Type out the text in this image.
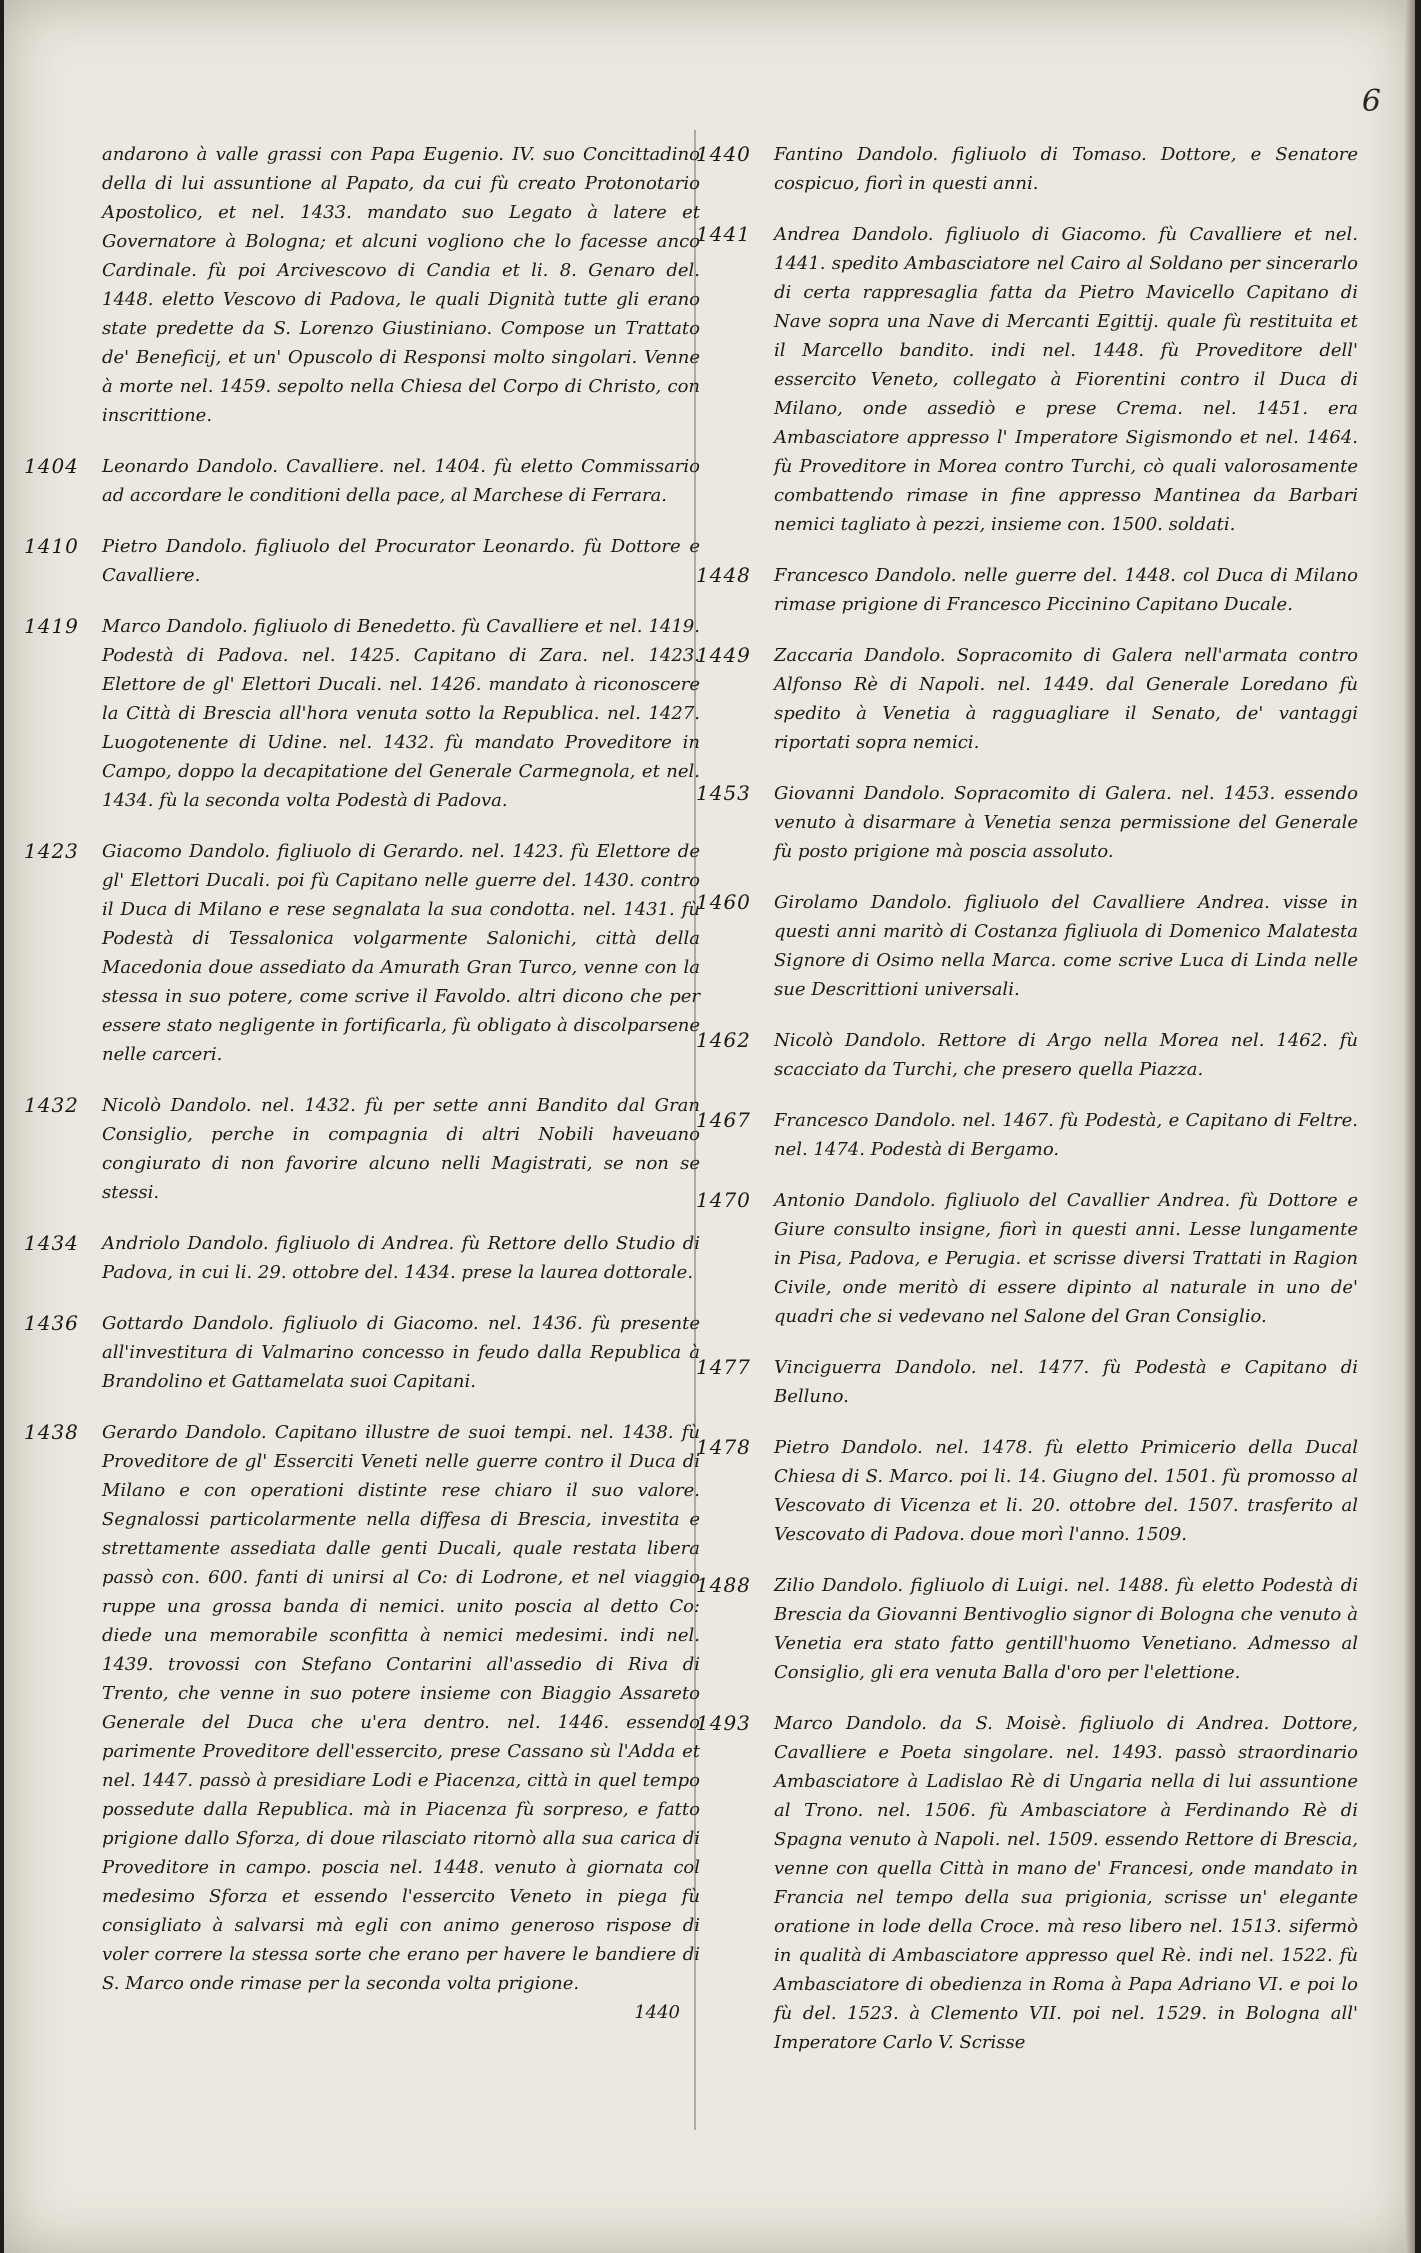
6
andarono à valle grassi con Papa Eugenio. IV. suo Concittadino della di lui assuntione al Papato, da cui fù creato Protonotario Apostolico, et nel. 1433. mandato suo Legato à latere et Governatore à Bologna; et alcuni vogliono che lo facesse anco Cardinale. fù poi Arcivescovo di Candia et li. 8. Genaro del. 1448. eletto Vescovo di Padova, le quali Dignità tutte gli erano state predette da S. Lorenzo Giustiniano. Compose un Trattato de' Beneficij, et un' Opuscolo di Responsi molto singolari. Venne à morte nel. 1459. sepolto nella Chiesa del Corpo di Christo, con inscrittione.
1404	Leonardo Dandolo. Cavalliere. nel. 1404. fù eletto Commissario ad accordare le conditioni della pace, al Marchese di Ferrara.
1410	Pietro Dandolo. figliuolo del Procurator Leonardo. fù Dottore e Cavalliere.
1419	Marco Dandolo. figliuolo di Benedetto. fù Cavalliere et nel. 1419. Podestà di Padova. nel. 1425. Capitano di Zara. nel. 1423. Elettore de gl' Elettori Ducali. nel. 1426. mandato à riconoscere la Città di Brescia all'hora venuta sotto la Republica. nel. 1427. Luogotenente di Udine. nel. 1432. fù mandato Proveditore in Campo, doppo la decapitatione del Generale Carmegnola, et nel. 1434. fù la seconda volta Podestà di Padova.
1423	Giacomo Dandolo. figliuolo di Gerardo. nel. 1423. fù Elettore de gl' Elettori Ducali. poi fù Capitano nelle guerre del. 1430. contro il Duca di Milano e rese segnalata la sua condotta. nel. 1431. fù Podestà di Tessalonica volgarmente Salonichi, città della Macedonia doue assediato da Amurath Gran Turco, venne con la stessa in suo potere, come scrive il Favoldo. altri dicono che per essere stato negligente in fortificarla, fù obligato à discolparsene nelle carceri.
1432	Nicolò Dandolo. nel. 1432. fù per sette anni Bandito dal Gran Consiglio, perche in compagnia di altri Nobili haveuano congiurato di non favorire alcuno nelli Magistrati, se non se stessi.
1434	Andriolo Dandolo. figliuolo di Andrea. fù Rettore dello Studio di Padova, in cui li. 29. ottobre del. 1434. prese la laurea dottorale.
1436	Gottardo Dandolo. figliuolo di Giacomo. nel. 1436. fù presente all'investitura di Valmarino concesso in feudo dalla Republica à Brandolino et Gattamelata suoi Capitani.
1438	Gerardo Dandolo. Capitano illustre de suoi tempi. nel. 1438. fù Proveditore de gl' Esserciti Veneti nelle guerre contro il Duca di Milano e con operationi distinte rese chiaro il suo valore. Segnalossi particolarmente nella diffesa di Brescia, investita e strettamente assediata dalle genti Ducali, quale restata libera passò con. 600. fanti di unirsi al Co: di Lodrone, et nel viaggio ruppe una grossa banda di nemici. unito poscia al detto Co: diede una memorabile sconfitta à nemici medesimi. indi nel. 1439. trovossi con Stefano Contarini all'assedio di Riva di Trento, che venne in suo potere insieme con Biaggio Assareto Generale del Duca che u'era dentro. nel. 1446. essendo parimente Proveditore dell'essercito, prese Cassano sù l'Adda et nel. 1447. passò à presidiare Lodi e Piacenza, città in quel tempo possedute dalla Republica. mà in Piacenza fù sorpreso, e fatto prigione dallo Sforza, di doue rilasciato ritornò alla sua carica di Proveditore in campo. poscia nel. 1448. venuto à giornata col medesimo Sforza et essendo l'essercito Veneto in piega fù consigliato à salvarsi mà egli con animo generoso rispose di voler correre la stessa sorte che erano per havere le bandiere di S. Marco onde rimase per la seconda volta prigione.
1440
1440	Fantino Dandolo. figliuolo di Tomaso. Dottore, e Senatore cospicuo, fiorì in questi anni.
1441	Andrea Dandolo. figliuolo di Giacomo. fù Cavalliere et nel. 1441. spedito Ambasciatore nel Cairo al Soldano per sincerarlo di certa rappresaglia fatta da Pietro Mavicello Capitano di Nave sopra una Nave di Mercanti Egittij. quale fù restituita et il Marcello bandito. indi nel. 1448. fù Proveditore dell' essercito Veneto, collegato à Fiorentini contro il Duca di Milano, onde assediò e prese Crema. nel. 1451. era Ambasciatore appresso l' Imperatore Sigismondo et nel. 1464. fù Proveditore in Morea contro Turchi, cò quali valorosamente combattendo rimase in fine appresso Mantinea da Barbari nemici tagliato à pezzi, insieme con. 1500. soldati.
1448	Francesco Dandolo. nelle guerre del. 1448. col Duca di Milano rimase prigione di Francesco Piccinino Capitano Ducale.
1449	Zaccaria Dandolo. Sopracomito di Galera nell'armata contro Alfonso Rè di Napoli. nel. 1449. dal Generale Loredano fù spedito à Venetia à ragguagliare il Senato, de' vantaggi riportati sopra nemici.
1453	Giovanni Dandolo. Sopracomito di Galera. nel. 1453. essendo venuto à disarmare à Venetia senza permissione del Generale fù posto prigione mà poscia assoluto.
1460	Girolamo Dandolo. figliuolo del Cavalliere Andrea. visse in questi anni maritò di Costanza figliuola di Domenico Malatesta Signore di Osimo nella Marca. come scrive Luca di Linda nelle sue Descrittioni universali.
1462	Nicolò Dandolo. Rettore di Argo nella Morea nel. 1462. fù scacciato da Turchi, che presero quella Piazza.
1467	Francesco Dandolo. nel. 1467. fù Podestà, e Capitano di Feltre. nel. 1474. Podestà di Bergamo.
1470	Antonio Dandolo. figliuolo del Cavallier Andrea. fù Dottore e Giure consulto insigne, fiorì in questi anni. Lesse lungamente in Pisa, Padova, e Perugia. et scrisse diversi Trattati in Ragion Civile, onde meritò di essere dipinto al naturale in uno de' quadri che si vedevano nel Salone del Gran Consiglio.
1477	Vinciguerra Dandolo. nel. 1477. fù Podestà e Capitano di Belluno.
1478	Pietro Dandolo. nel. 1478. fù eletto Primicerio della Ducal Chiesa di S. Marco. poi li. 14. Giugno del. 1501. fù promosso al Vescovato di Vicenza et li. 20. ottobre del. 1507. trasferito al Vescovato di Padova. doue morì l'anno. 1509.
1488	Zilio Dandolo. figliuolo di Luigi. nel. 1488. fù eletto Podestà di Brescia da Giovanni Bentivoglio signor di Bologna che venuto à Venetia era stato fatto gentill'huomo Venetiano. Admesso al Consiglio, gli era venuta Balla d'oro per l'elettione.
1493	Marco Dandolo. da S. Moisè. figliuolo di Andrea. Dottore, Cavalliere e Poeta singolare. nel. 1493. passò straordinario Ambasciatore à Ladislao Rè di Ungaria nella di lui assuntione al Trono. nel. 1506. fù Ambasciatore à Ferdinando Rè di Spagna venuto à Napoli. nel. 1509. essendo Rettore di Brescia, venne con quella Città in mano de' Francesi, onde mandato in Francia nel tempo della sua prigionia, scrisse un' elegante oratione in lode della Croce. mà reso libero nel. 1513. sifermò in qualità di Ambasciatore appresso quel Rè. indi nel. 1522. fù Ambasciatore di obedienza in Roma à Papa Adriano VI. e poi lo fù del. 1523. à Clemento VII. poi nel. 1529. in Bologna all' Imperatore Carlo V. Scrisse
